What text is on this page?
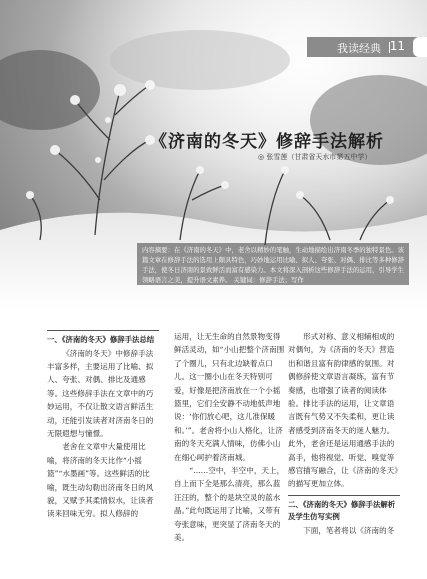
我读经典 11
《济南的冬天》修辞手法解析
◎ 张雪莲（甘肃省天水市第五中学）
内容摘要：在《济南的冬天》中，老舍以精妙的笔触，生动地描绘出济南冬季的独特景色。该篇文章在修辞手法的选用上颇具特色，巧妙地运用比喻、拟人、夸张、对偶、排比等多种修辞手法，使冬日济南的景致鲜活而富有感染力。本文将深入剖析这些修辞手法的运用，引导学生领略语言之美，提升语文素养。 关键词：修辞手法；写作

一、《济南的冬天》修辞手法总结

《济南的冬天》中修辞手法丰富多样，主要运用了比喻、拟人、夸张、对偶、排比及通感等。这些修辞手法在文章中的巧妙运用，不仅让散文语言鲜活生动，还能引发读者对济南冬日的无限遐想与憧憬。

老舍在文章中大量使用比喻，将济南的冬天比作“小摇篮”“水墨画”等。这些鲜活的比喻，既生动勾勒出济南冬日的风貌，又赋予其柔情似水，让读者读来回味无穷。拟人修辞的

运用，让无生命的自然景物变得鲜活灵动，如“小山把整个济南围了个圈儿，只有北边缺着点口儿。这一圈小山在冬天特别可爱，好像是把济南放在一个小摇篮里，它们全安静不动地低声地说：‘你们放心吧，这儿准保暖和。’”。老舍将小山人格化，让济南的冬天充满人情味，仿佛小山在细心呵护着济南城。

“……空中，半空中，天上，自上而下全是那么清亮，那么蓝汪汪的，整个的是块空灵的蓝水晶。”此句既运用了比喻，又带有夸张意味，更突显了济南冬天的美。

形式对称、意义相辅相成的对偶句，为《济南的冬天》营造出和谐且富有韵律感的氛围。对偶修辞使文章语言凝练，富有节奏感，也增强了读者的阅读体验。排比手法的运用，让文章语言既有气势又不失柔和，更让读者感受到济南冬天的迷人魅力。此外，老舍还是运用通感手法的高手，他将视觉、听觉、嗅觉等感官描写融合，让《济南的冬天》的描写更加立体。

二、《济南的冬天》修辞手法解析及学生仿写实例

下面，笔者将以《济南的冬
